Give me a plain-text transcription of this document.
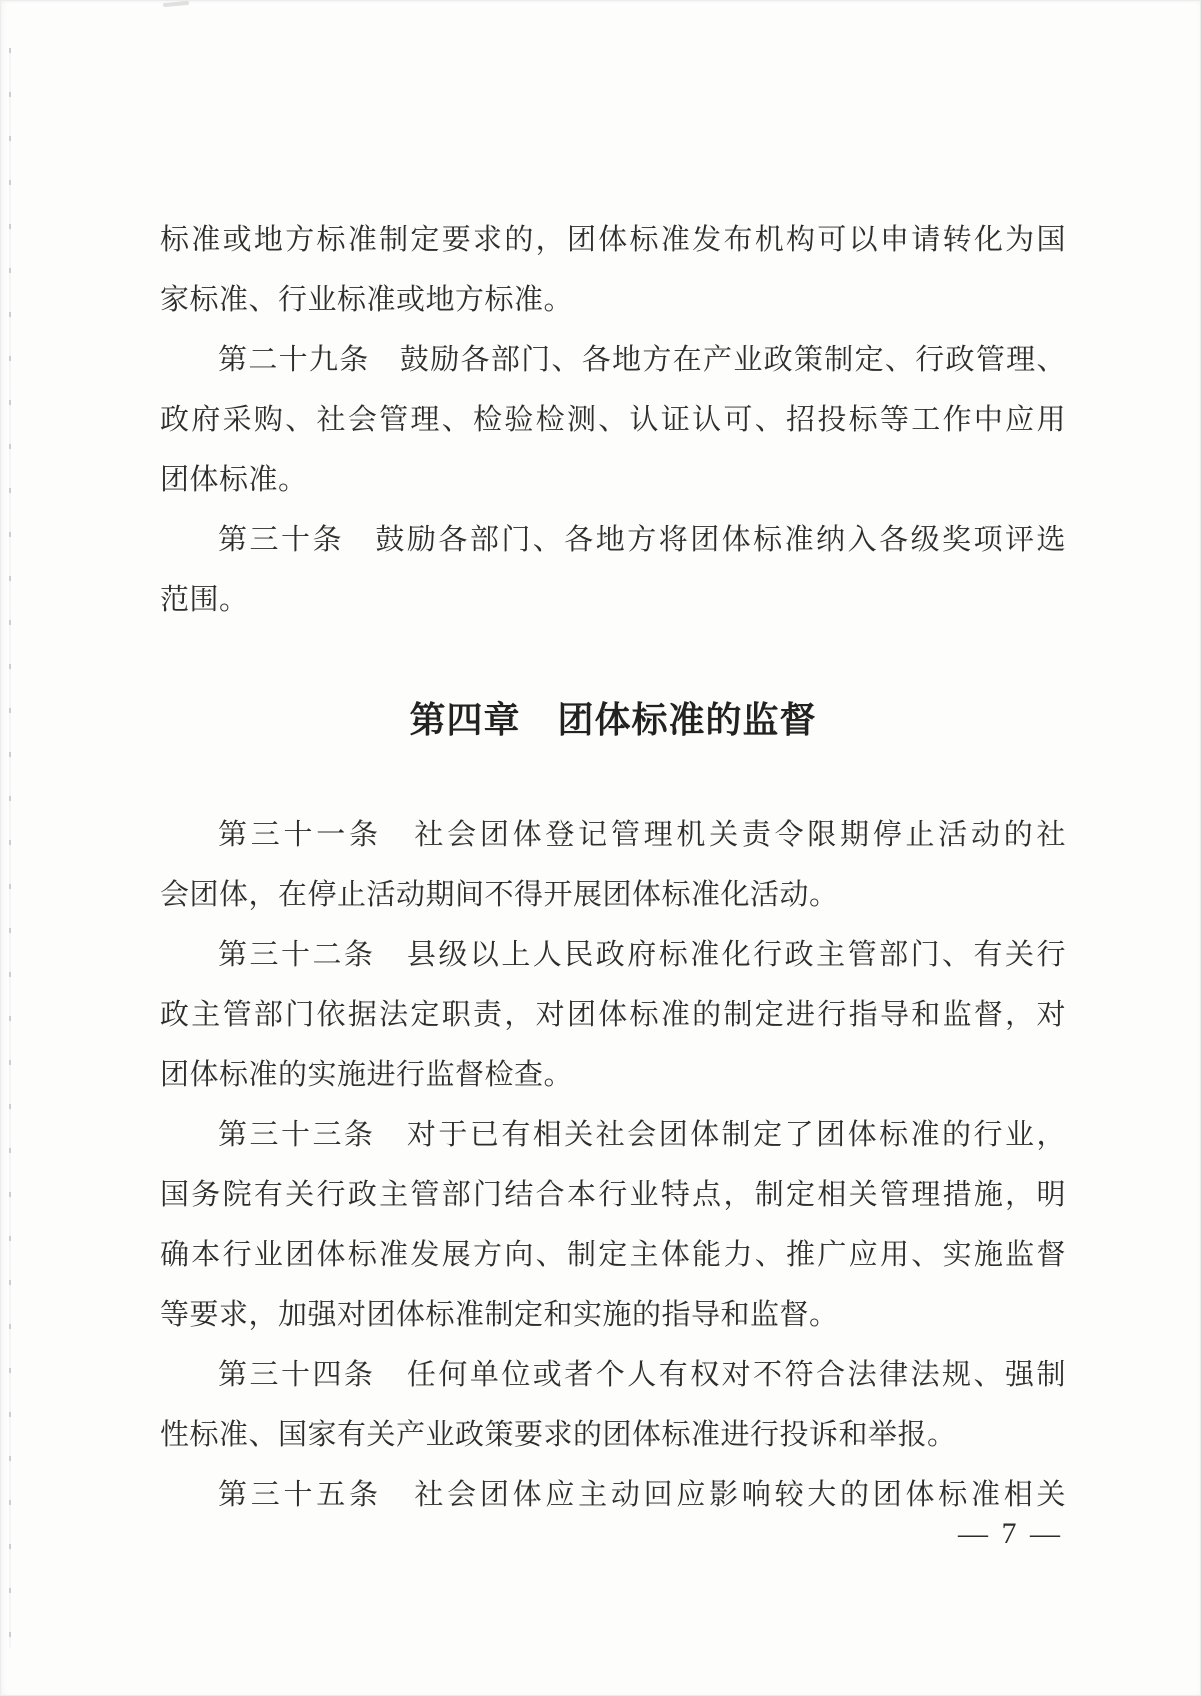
标准或地方标准制定要求的，团体标准发布机构可以申请转化为国
家标准、行业标准或地方标准。
第二十九条　鼓励各部门、各地方在产业政策制定、行政管理、
政府采购、社会管理、检验检测、认证认可、招投标等工作中应用
团体标准。
第三十条　鼓励各部门、各地方将团体标准纳入各级奖项评选
范围。
第四章　团体标准的监督
第三十一条　社会团体登记管理机关责令限期停止活动的社
会团体，在停止活动期间不得开展团体标准化活动。
第三十二条　县级以上人民政府标准化行政主管部门、有关行
政主管部门依据法定职责，对团体标准的制定进行指导和监督，对
团体标准的实施进行监督检查。
第三十三条　对于已有相关社会团体制定了团体标准的行业，
国务院有关行政主管部门结合本行业特点，制定相关管理措施，明
确本行业团体标准发展方向、制定主体能力、推广应用、实施监督
等要求，加强对团体标准制定和实施的指导和监督。
第三十四条　任何单位或者个人有权对不符合法律法规、强制
性标准、国家有关产业政策要求的团体标准进行投诉和举报。
第三十五条　社会团体应主动回应影响较大的团体标准相关
— 7 —
